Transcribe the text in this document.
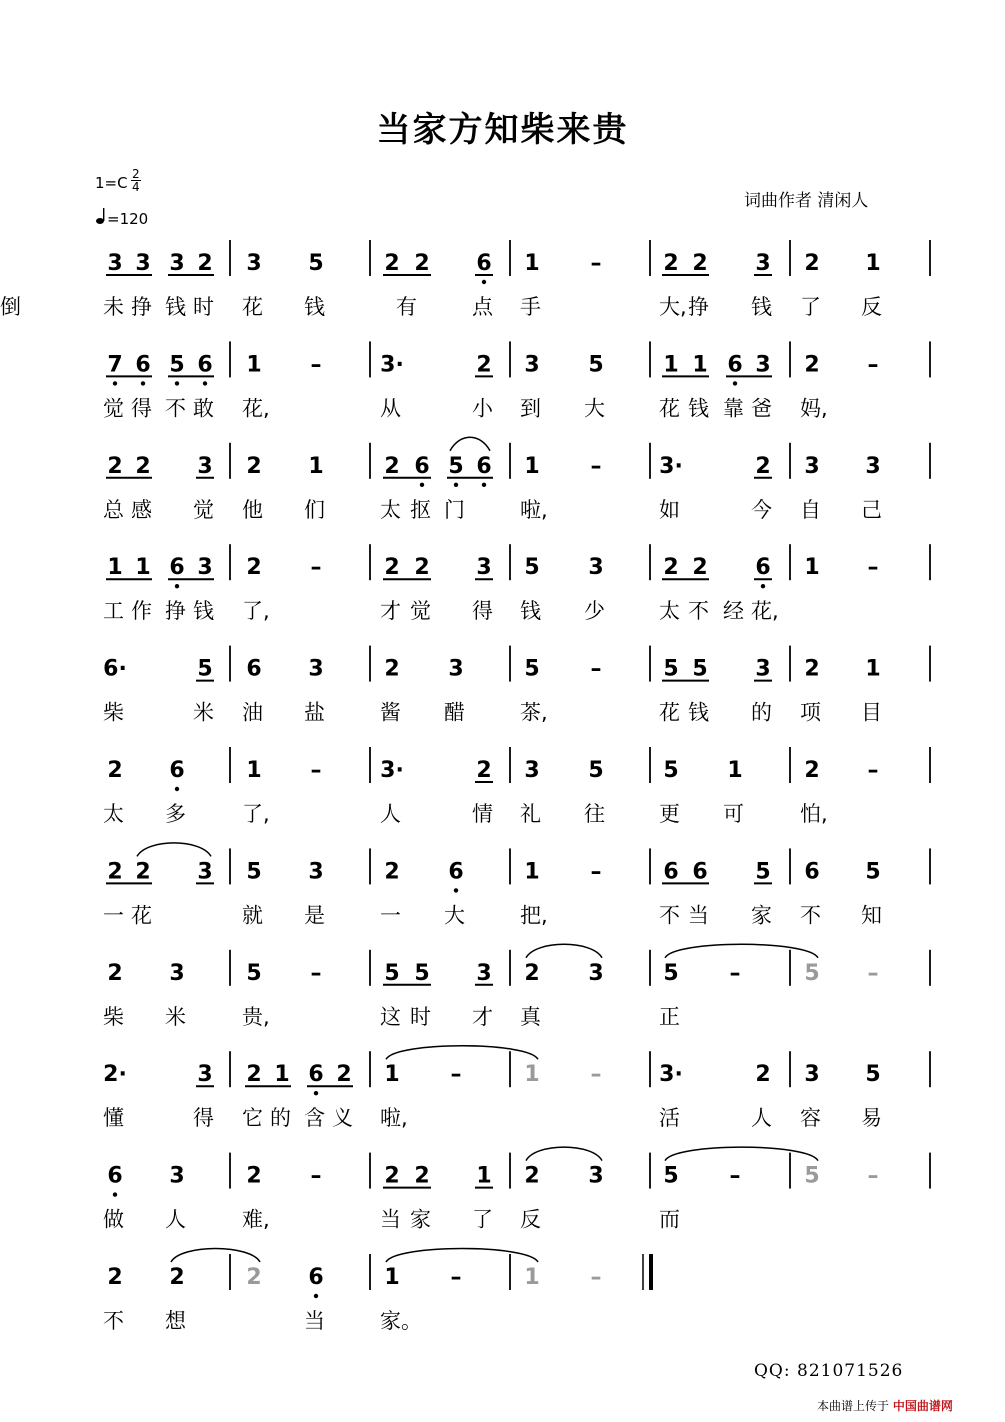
当家方知柴来贵
1=C 2
4
=120
词曲作者 清闲人
3 3 3 2 3 5	2 2 6 1 –	2 2 3 2 1
未 挣 钱 时 花 钱	有	点 手	大, 挣 钱 了 反
倒
7 6 5 6 1 –	3·	2 3 5	1 1 6 3 2 –
觉 得 不 敢 花,	从	小 到 大	花 钱 靠 爸 妈,
2 2 3 2 1	2 6 5 6 1 –	3·	2 3 3
总 感 觉 他 们	太 抠 门	啦,	如	今 自 己
1 1 6 3 2 –	2 2 3 5 3	2 2 6 1 –
工 作 挣 钱 了,	才 觉 得 钱 少	太 不 经 花,
6·	5 6 3	2 3	5 –	5 5 3 2 1
柴	米 油 盐	酱 醋	茶,	花 钱 的 项 目
2 6	1 –	3·	2 3 5	5 1	2 –
太 多	了,	人	情 礼 往	更 可	怕,
2 2 3 5 3	2 6	1 –	6 6 5 6 5
一 花	就 是	一 大	把,	不 当 家 不 知
2 3	5 –	5 5 3 2 3	5 –	5 –
柴 米	贵,	这 时 才 真	正
2·	3 2 1 6 2 1 –	1 –	3·	2 3 5
懂	得 它 的 含 义 啦,	活	人 容 易
6 3	2 –	2 2 1 2 3	5 –	5 –
做 人	难,	当 家 了 反	而
2 2	2 6	1 –	1 –
不 想	当	家。
QQ: 821071526
本曲谱上传于 中国曲谱网
